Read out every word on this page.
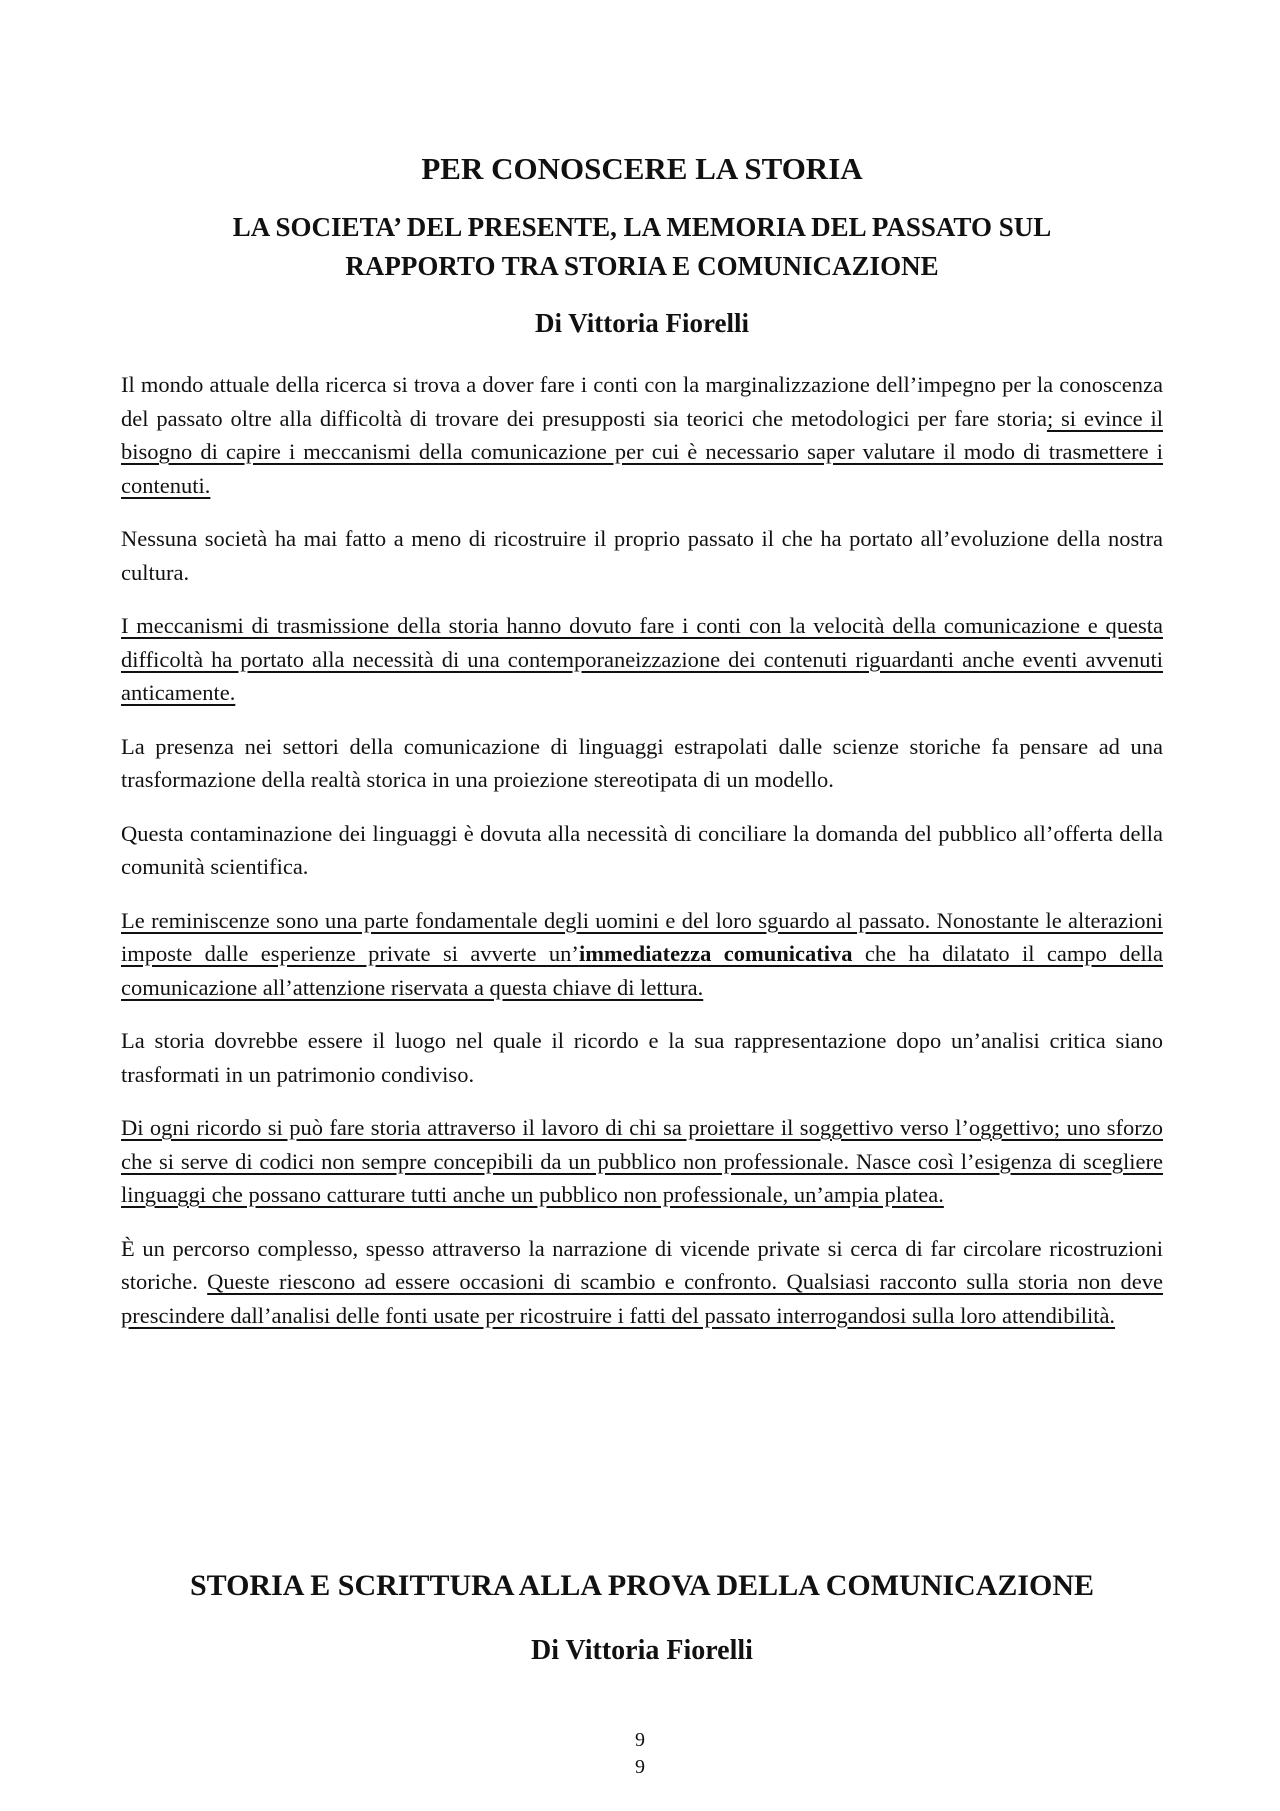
PER CONOSCERE LA STORIA
LA SOCIETA’ DEL PRESENTE, LA MEMORIA DEL PASSATO SUL
RAPPORTO TRA STORIA E COMUNICAZIONE
Di Vittoria Fiorelli

Il mondo attuale della ricerca si trova a dover fare i conti con la marginalizzazione dell’impegno per la conoscenza del passato oltre alla difficoltà di trovare dei presupposti sia teorici che metodologici per fare storia; si evince il bisogno di capire i meccanismi della comunicazione per cui è necessario saper valutare il modo di trasmettere i contenuti.

Nessuna società ha mai fatto a meno di ricostruire il proprio passato il che ha portato all’evoluzione della nostra cultura.

I meccanismi di trasmissione della storia hanno dovuto fare i conti con la velocità della comunicazione e questa difficoltà ha portato alla necessità di una contemporaneizzazione dei contenuti riguardanti anche eventi avvenuti anticamente.

La presenza nei settori della comunicazione di linguaggi estrapolati dalle scienze storiche fa pensare ad una trasformazione della realtà storica in una proiezione stereotipata di un modello.

Questa contaminazione dei linguaggi è dovuta alla necessità di conciliare la domanda del pubblico all’offerta della comunità scientifica.

Le reminiscenze sono una parte fondamentale degli uomini e del loro sguardo al passato. Nonostante le alterazioni imposte dalle esperienze private si avverte un’immediatezza comunicativa che ha dilatato il campo della comunicazione all’attenzione riservata a questa chiave di lettura.

La storia dovrebbe essere il luogo nel quale il ricordo e la sua rappresentazione dopo un’analisi critica siano trasformati in un patrimonio condiviso.

Di ogni ricordo si può fare storia attraverso il lavoro di chi sa proiettare il soggettivo verso l’oggettivo; uno sforzo che si serve di codici non sempre concepibili da un pubblico non professionale. Nasce così l’esigenza di scegliere linguaggi che possano catturare tutti anche un pubblico non professionale, un’ampia platea.

È un percorso complesso, spesso attraverso la narrazione di vicende private si cerca di far circolare ricostruzioni storiche. Queste riescono ad essere occasioni di scambio e confronto. Qualsiasi racconto sulla storia non deve prescindere dall’analisi delle fonti usate per ricostruire i fatti del passato interrogandosi sulla loro attendibilità.

STORIA E SCRITTURA ALLA PROVA DELLA COMUNICAZIONE
Di Vittoria Fiorelli
9
9
